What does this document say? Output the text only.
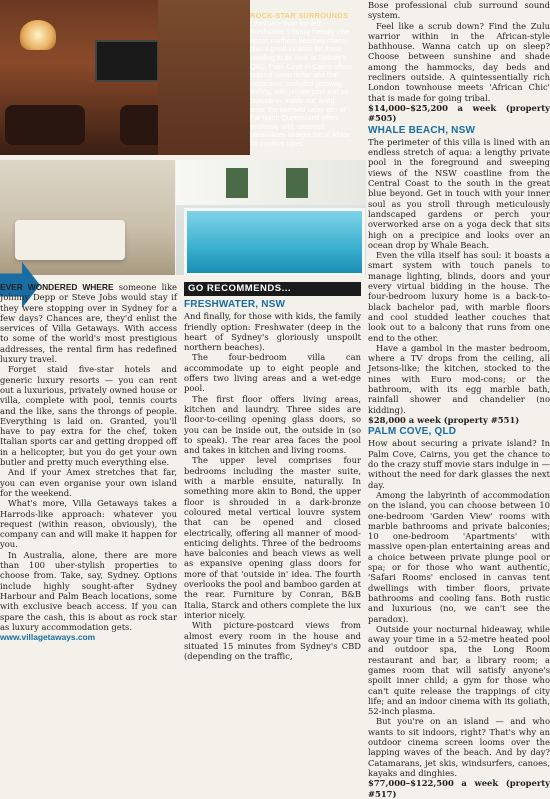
ROCK-STAR SURROUNDS
Clockwise from top left:
Freshwater's family friendly vibe oozes northern beaches charm plus a great location for those needing to be near to Sydney's CBD; Palm Cove in Cairns offers tropical gawp-factor and that expansive, secluded getaway feeling, with private pool and an 'outside in, inside out' living area; the late-wild safari den of Far North Queensland offers endlessly wild, untamed possibilities straight out of Africa for creative types.

EVER WONDERED WHERE someone like Johnny Depp or Steve Jobs would stay if they were stopping over in Sydney for a few days? Chances are, they'd enlist the services of Villa Getaways. With access to some of the world's most prestigious addresses, the rental firm has redefined luxury travel.

Forget staid five-star hotels and generic luxury resorts — you can rent out a luxurious, privately owned house or villa, complete with pool, tennis courts and the like, sans the throngs of people. Everything is laid on. Granted, you'll have to pay extra for the chef, token Italian sports car and getting dropped off in a helicopter, but you do get your own butler and pretty much everything else.

And if your Amex stretches that far, you can even organise your own island for the weekend.

What's more, Villa Getaways takes a Harrods-like approach: whatever you request (within reason, obviously), the company can and will make it happen for you.

In Australia, alone, there are more than 100 uber-stylish properties to choose from. Take, say, Sydney. Options include highly sought-after Sydney Harbour and Palm Beach locations, some with exclusive beach access. If you can spare the cash, this is about as rock star as luxury accommodation gets.

www.villagetaways.com

GO RECOMMENDS...
FRESHWATER, NSW

And finally, for those with kids, the family friendly option: Freshwater (deep in the heart of Sydney's gloriously unspoilt northern beaches).

The four-bedroom villa can accommodate up to eight people and offers two living areas and a wet-edge pool.

The first floor offers living areas, kitchen and laundry. Three sides are floor-to-ceiling opening glass doors, so you can be inside out, the outside in (so to speak). The rear area faces the pool and takes in kitchen and living rooms.

The upper level comprises four bedrooms including the master suite, with a marble ensuite, naturally. In something more akin to Bond, the upper floor is shrouded in a dark-bronze coloured metal vertical louvre system that can be opened and closed electrically, offering all manner of mood-enticing delights. Three of the bedrooms have balconies and beach views as well as expansive opening glass doors for more of that 'outside in' idea. The fourth overlooks the pool and bamboo garden at the rear. Furniture by Conran, B&B Italia, Starck and others complete the lux interior nicely.

With picture-postcard views from almost every room in the house and situated 15 minutes from Sydney's CBD (depending on the traffic,

Bose professional club surround sound system.

Feel like a scrub down? Find the Zulu warrior within in the African-style bathhouse. Wanna catch up on sleep? Choose between sunshine and shade among the hammocks, day beds and recliners outside. A quintessentially rich London townhouse meets 'African Chic' that is made for going tribal.

$14,000–$25,200 a week (property #505)

WHALE BEACH, NSW

The perimeter of this villa is lined with an endless stretch of aqua: a lengthy private pool in the foreground and sweeping views of the NSW coastline from the Central Coast to the south in the great blue beyond. Get in touch with your inner soul as you stroll through meticulously landscaped gardens or perch your overworked arse on a yoga deck that sits high on a precipice and looks over an ocean drop by Whale Beach.

Even the villa itself has soul: it boasts a smart system with touch panels to manage lighting, blinds, doors and your every virtual bidding in the house. The four-bedroom luxury home is a back-to-black bachelor pad, with marble floors and cool studded leather couches that look out to a balcony that runs from one end to the other.

Have a gambol in the master bedroom, where a TV drops from the ceiling, all Jetsons-like; the kitchen, stocked to the nines with Euro mod-cons; or the bathroom, with its egg marble bath, rainfall shower and chandelier (no kidding).

$28,000 a week (property #551)

PALM COVE, QLD

How about securing a private island? In Palm Cove, Cairns, you get the chance to do the crazy stuff movie stars indulge in — without the need for dark glasses the next day.

Among the labyrinth of accommodation on the island, you can choose between 10 one-bedroom 'Garden View' rooms with marble bathrooms and private balconies; 10 one-bedroom 'Apartments' with massive open-plan entertaining areas and a choice between private plunge pool or spa; or for those who want authentic, 'Safari Rooms' enclosed in canvas tent dwellings with timber floors, private bathrooms and cooling fans. Both rustic and luxurious (no, we can't see the paradox).

Outside your nocturnal hideaway, while away your time in a 52-metre heated pool and outdoor spa, the Long Room restaurant and bar, a library room; a games room that will satisfy anyone's spoilt inner child; a gym for those who can't quite release the trappings of city life; and an indoor cinema with its goliath, 52-inch plasma.

But you're on an island — and who wants to sit indoors, right? That's why an outdoor cinema screen looms over the lapping waves of the beach. And by day? Catamarans, jet skis, windsurfers, canoes, kayaks and dinghies.

$77,000–$122,500 a week (property #517)
